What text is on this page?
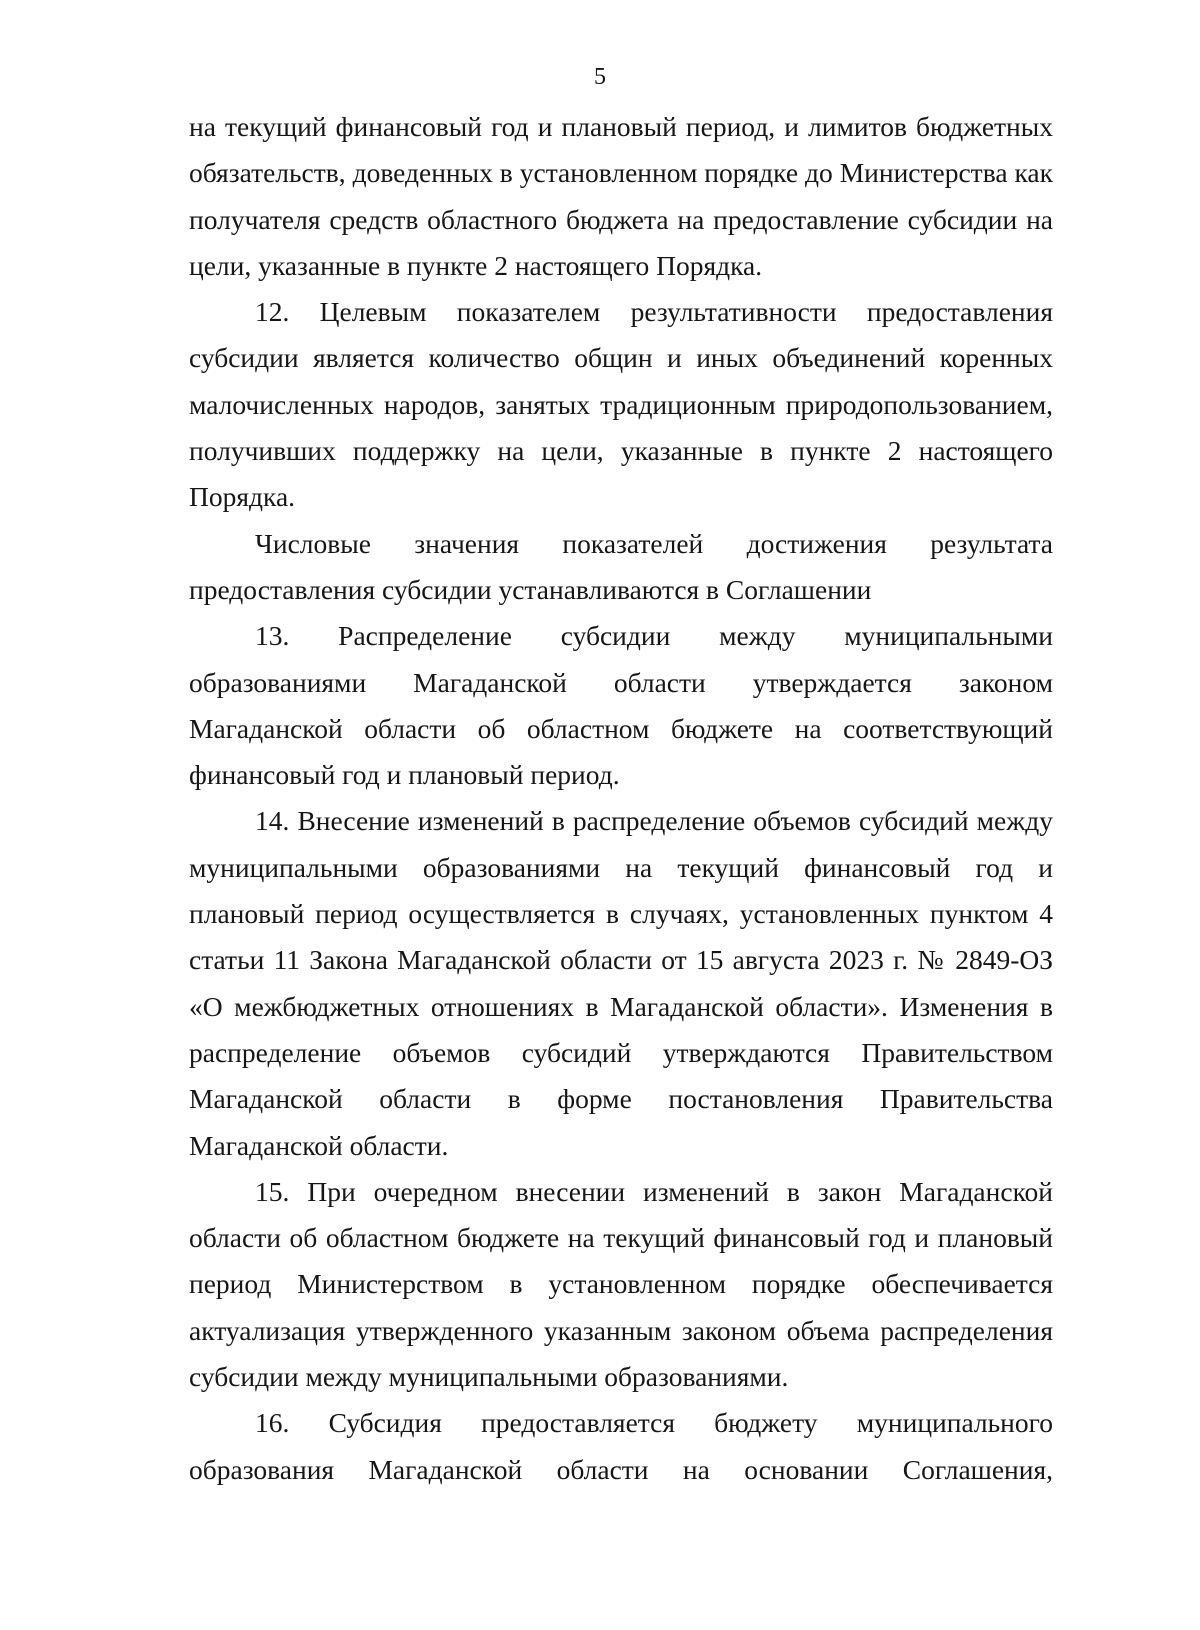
5

на текущий финансовый год и плановый период, и лимитов бюджетных обязательств, доведенных в установленном порядке до Министерства как получателя средств областного бюджета на предоставление субсидии на цели, указанные в пункте 2 настоящего Порядка.

12. Целевым показателем результативности предоставления субсидии является количество общин и иных объединений коренных малочисленных народов, занятых традиционным природопользованием, получивших поддержку на цели, указанные в пункте 2 настоящего Порядка.

Числовые значения показателей достижения результата предоставления субсидии устанавливаются в Соглашении

13. Распределение субсидии между муниципальными образованиями Магаданской области утверждается законом Магаданской области об областном бюджете на соответствующий финансовый год и плановый период.

14. Внесение изменений в распределение объемов субсидий между муниципальными образованиями на текущий финансовый год и плановый период осуществляется в случаях, установленных пунктом 4 статьи 11 Закона Магаданской области от 15 августа 2023 г. № 2849-ОЗ «О межбюджетных отношениях в Магаданской области». Изменения в распределение объемов субсидий утверждаются Правительством Магаданской области в форме постановления Правительства Магаданской области.

15. При очередном внесении изменений в закон Магаданской области об областном бюджете на текущий финансовый год и плановый период Министерством в установленном порядке обеспечивается актуализация утвержденного указанным законом объема распределения субсидии между муниципальными образованиями.

16. Субсидия предоставляется бюджету муниципального образования Магаданской области на основании Соглашения,
